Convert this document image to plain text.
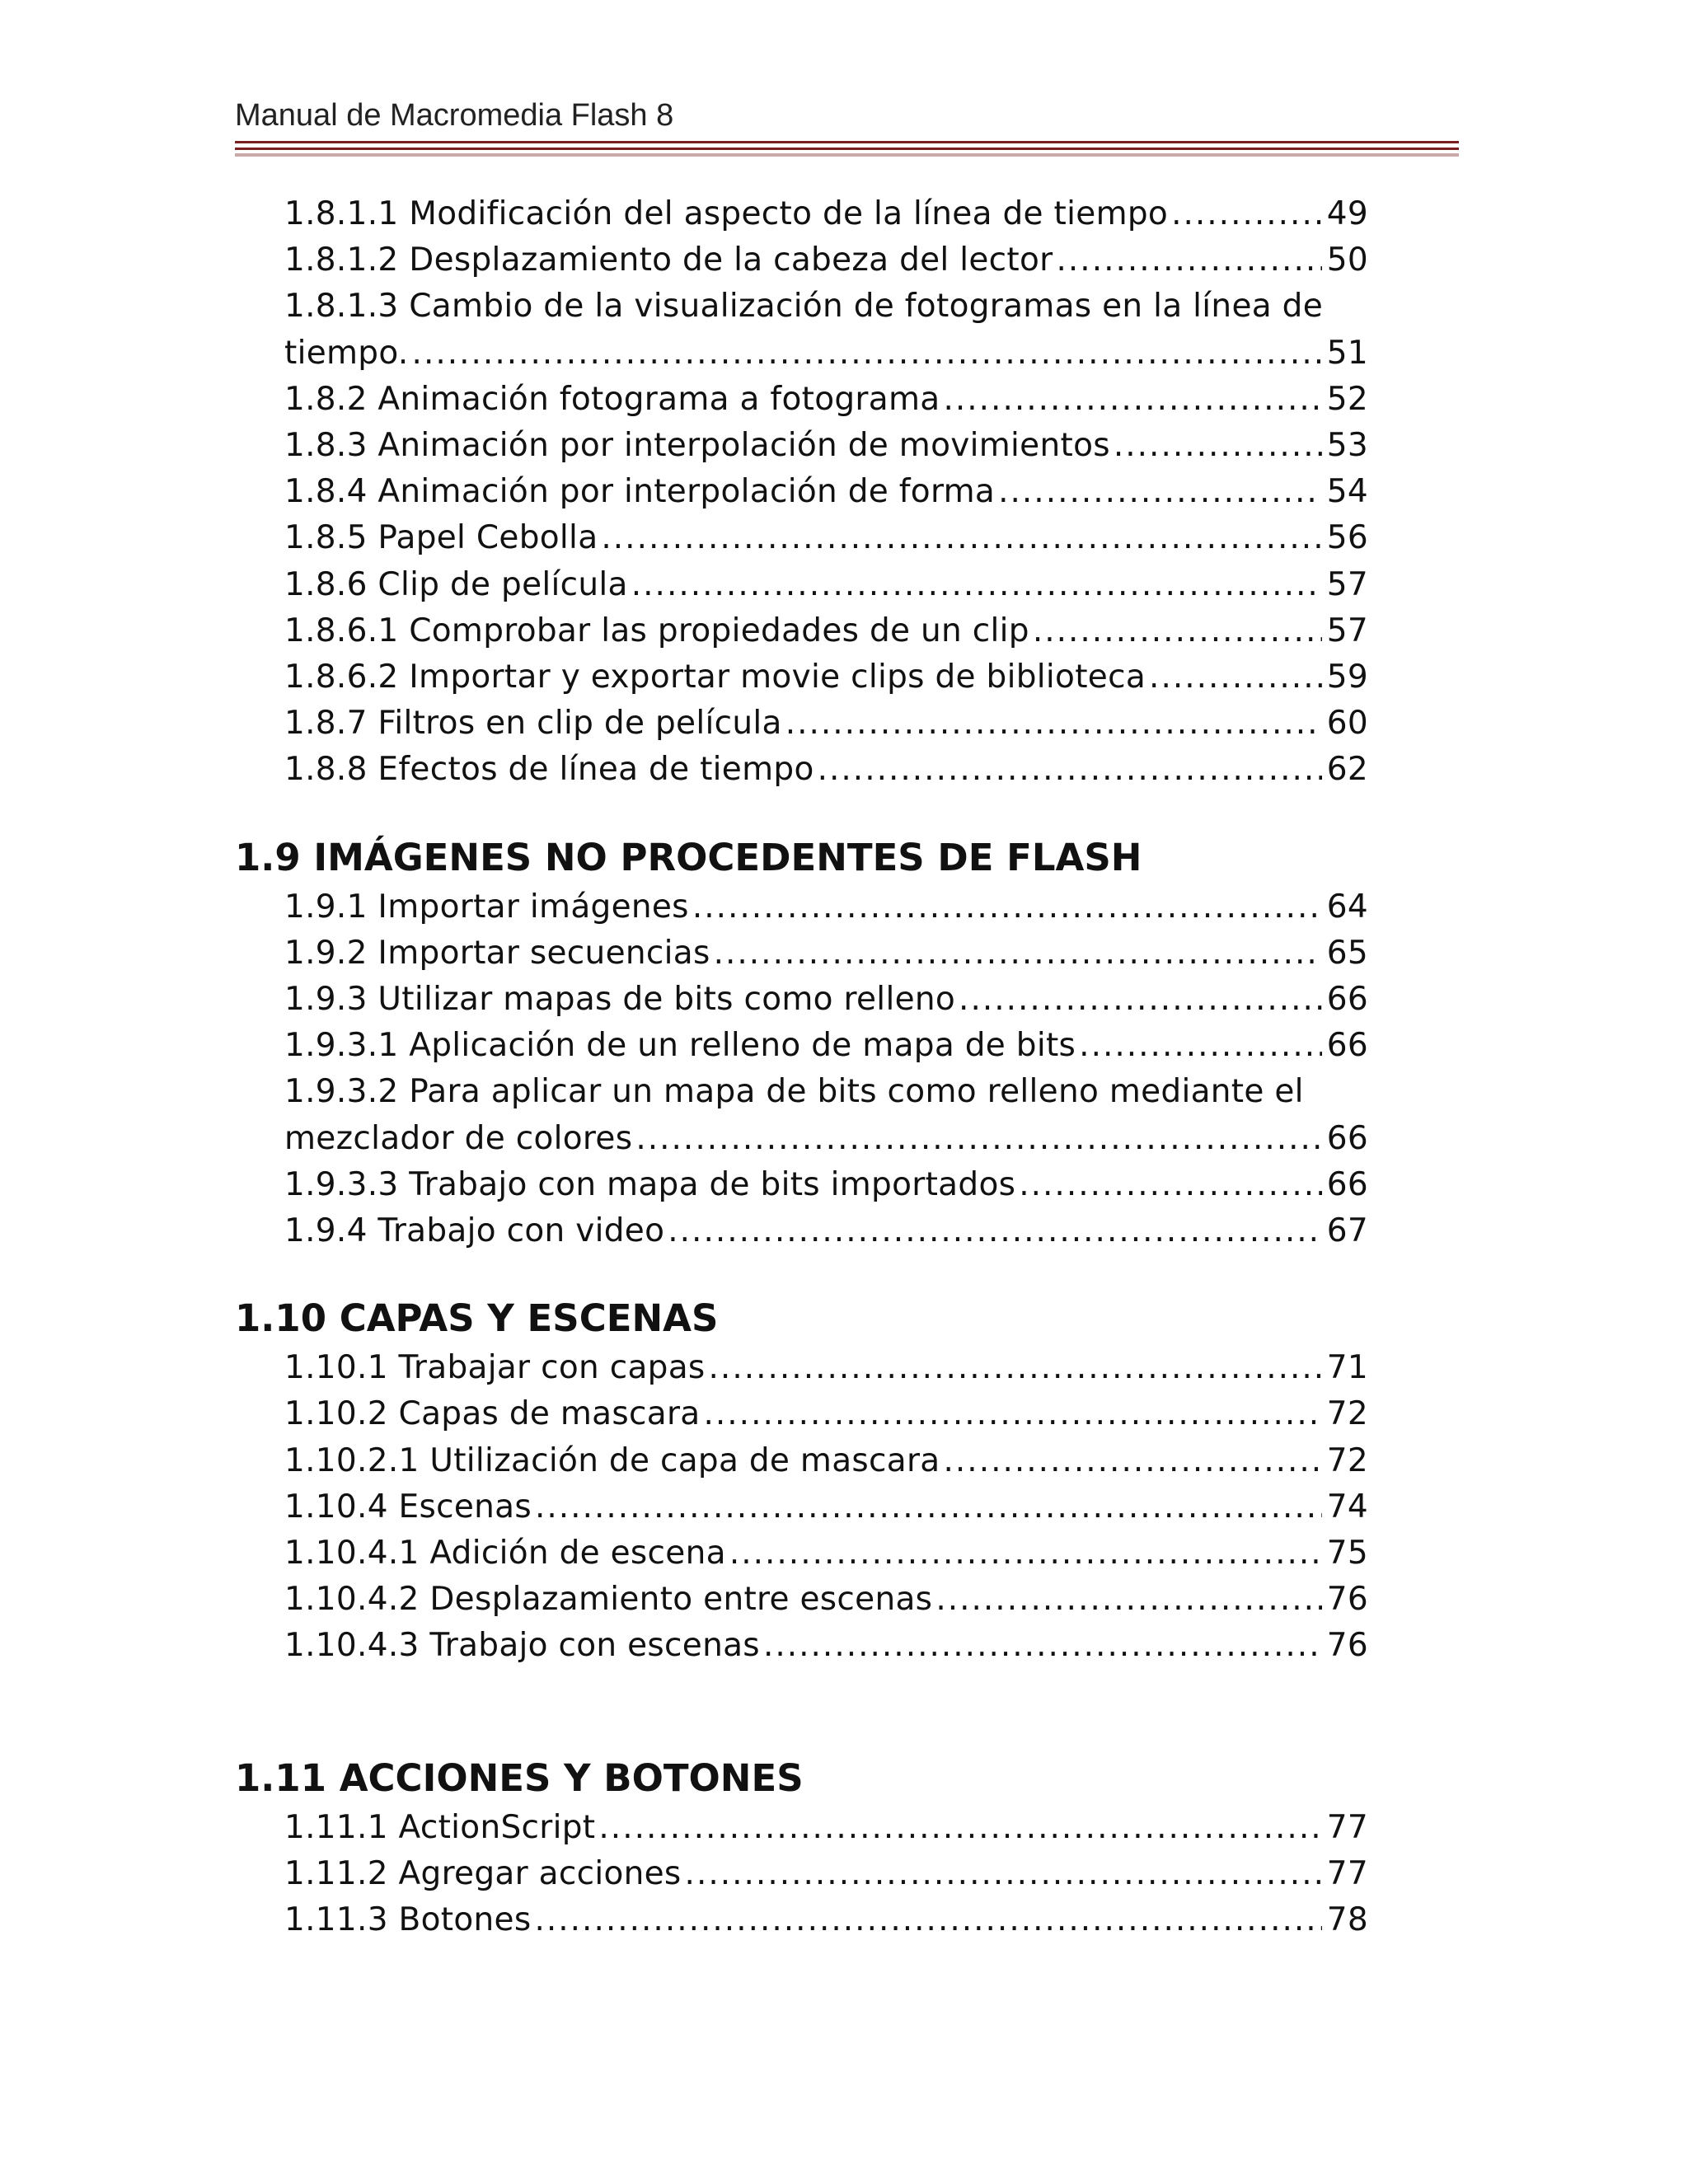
Manual de Macromedia Flash 8
1.8.1.1 Modificación del aspecto de la línea de tiempo .....	49
1.8.1.2 Desplazamiento de la cabeza del lector .....	50
1.8.1.3 Cambio de la visualización de fotogramas en la línea de
tiempo. .....	51
1.8.2 Animación fotograma a fotograma .....	52
1.8.3 Animación por interpolación de movimientos .....	53
1.8.4 Animación por interpolación de forma .....	54
1.8.5 Papel Cebolla .....	56
1.8.6 Clip de película .....	57
1.8.6.1 Comprobar las propiedades de un clip .....	57
1.8.6.2 Importar y exportar movie clips de biblioteca .....	59
1.8.7 Filtros en clip de película .....	60
1.8.8 Efectos de línea de tiempo .....	62
1.9 IMÁGENES NO PROCEDENTES DE FLASH
1.9.1 Importar imágenes .....	64
1.9.2 Importar secuencias .....	65
1.9.3 Utilizar mapas de bits como relleno .....	66
1.9.3.1 Aplicación de un relleno de mapa de bits .....	66
1.9.3.2 Para aplicar un mapa de bits como relleno mediante el
mezclador de colores .....	66
1.9.3.3 Trabajo con mapa de bits importados .....	66
1.9.4 Trabajo con video .....	67
1.10 CAPAS Y ESCENAS
1.10.1 Trabajar con capas .....	71
1.10.2 Capas de mascara .....	72
1.10.2.1 Utilización de capa de mascara .....	72
1.10.4 Escenas .....	74
1.10.4.1 Adición de escena .....	75
1.10.4.2 Desplazamiento entre escenas .....	76
1.10.4.3 Trabajo con escenas .....	76
1.11 ACCIONES Y BOTONES
1.11.1 ActionScript .....	77
1.11.2 Agregar acciones .....	77
1.11.3 Botones .....	78
